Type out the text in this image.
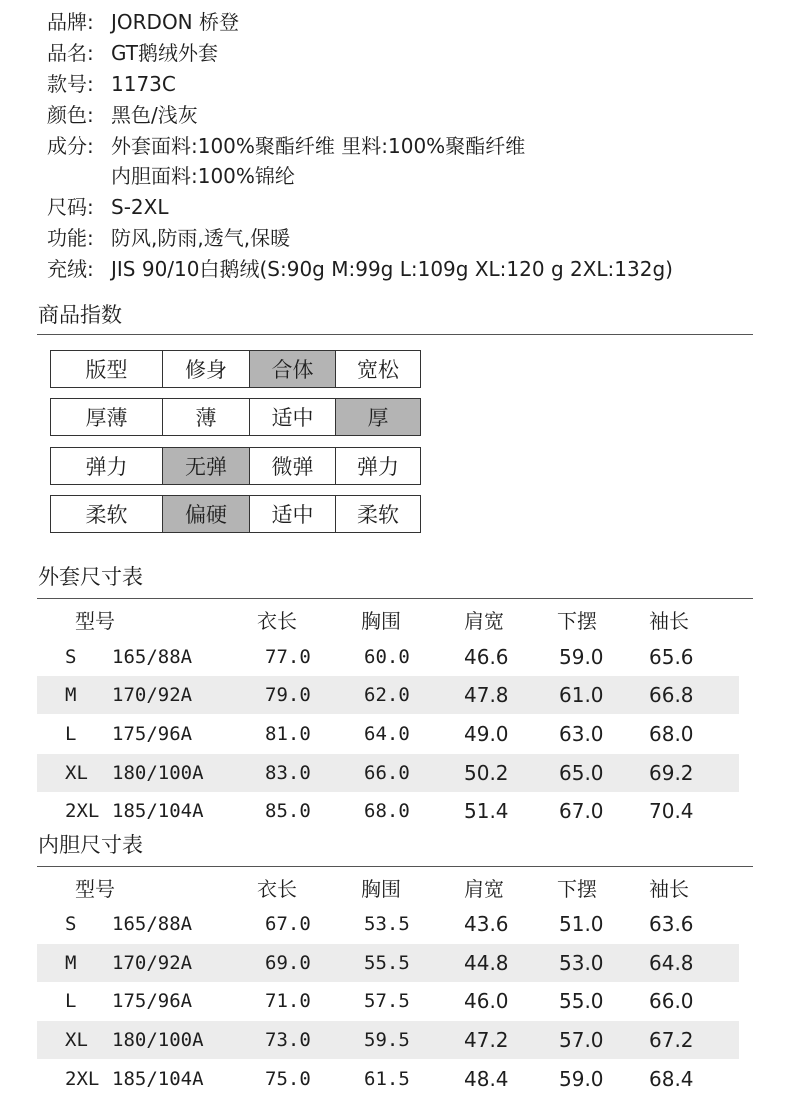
品牌: JORDON 桥登
品名: GT鹅绒外套
款号: 1173C
颜色: 黑色/浅灰
成分: 外套面料:100%聚酯纤维 里料:100%聚酯纤维
内胆面料:100%锦纶
尺码: S-2XL
功能: 防风,防雨,透气,保暖
充绒: JIS 90/10白鹅绒(S:90g M:99g L:109g XL:120 g 2XL:132g)
商品指数
版型	修身	合体	宽松
厚薄	薄	适中	厚
弹力	无弹	微弹	弹力
柔软	偏硬	适中	柔软
外套尺寸表
型号	衣长	胸围	肩宽	下摆	袖长
S 165/88A	77.0	60.0	46.6	59.0 65.6
M 170/92A	79.0	62.0	47.8	61.0 66.8
L 175/96A	81.0	64.0	49.0	63.0 68.0
XL 180/100A	83.0	66.0	50.2	65.0 69.2
2XL 185/104A	85.0	68.0	51.4	67.0 70.4
内胆尺寸表
型号	衣长	胸围	肩宽	下摆	袖长
S 165/88A	67.0	53.5	43.6	51.0 63.6
M 170/92A	69.0	55.5	44.8	53.0 64.8
L 175/96A	71.0	57.5	46.0	55.0 66.0
XL 180/100A	73.0	59.5	47.2	57.0 67.2
2XL 185/104A	75.0	61.5	48.4	59.0 68.4
